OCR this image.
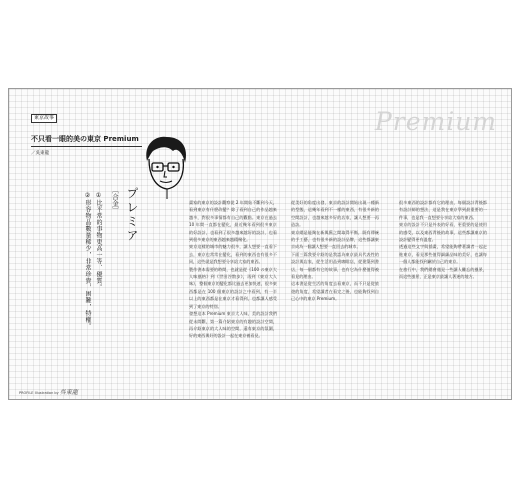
東京故事
不只看一眼的美の東京 Premium
／吳東龍
Premium
プレミア
［合金］
①比平常的事物更高一等、優質。
②形容物品數量稀少，非常珍貴，困難，特權。	畫家的東京的設計觀察從 2 年開始不斷到今天，看到東京有什麼改變？除了看到自己的作品越來越多，對很多事情都有自己的觀點。東京在過去 10 年間一直都在變化，最近幾年看到很多東京的好設計，也看到了很多越來越好的設計，也看到很多東京的東西越來越精緻化。

東京這樣的城市的魅力很多，讓人想要一直看下去，東京也常常在變化，看到的東西也有很多不同，這些就是我想要分享給大家的東西。

製作書本需要的時間，也就是從《100 の東京大人味風格》到《世田谷散步》，再到《東京大人味》，整個東京的變化都比過去更加快速，很多東西都是在 100 個東京的設計之中看到，有一半以上的東西都是在東京才看得到，也都讓人感受到了東京的特別。

發想這本 Premium 東京大人味，美的設計我們從未間斷，第一篇介紹東京的有趣的設計空間，再介紹東京的大人味的空間，還有東京的氛圍，好的東西與好的設計一起在東京被看見。

從美好的角度出發，東京的設計開始出現一種新的型態，這幾年看到不一樣的東西，有很多新的空間設計，也越來越多好的店家，讓人想要一再造訪。

東京總是能夠在新與舊之間取得平衡，既有傳統的手工藝，也有很多新的設計品牌，這些都讓東京成為一個讓人想要一直回去的城市。

下面三篇我要介紹的是我認為東京最具代表性的設計與店家，從生活用品到咖啡店，從建築到書店，每一個都有它的故事，也有它為什麼值得被看見的理由。

這本書是從生活的角度去看東京，而不只是從旅遊的角度，希望讀者在看完之後，也能夠找到自己心中的東京 Premium。

很多東西的設計都有它的理由，每個設計背後都有設計師的想法，這是我在東京學到最重要的一件事，也是我一直想要分享給大家的東西。

東京的設計不只是外表的好看，更重要的是使用的感受，以及東西背後的故事，這些都讓東京的設計變得更有溫度。

透過這些文字與插畫，希望能夠帶著讀者一起走進東京，看見那些值得細細品味的美好，也讓每一個人都能找到屬於自己的東京。

在旅行中，我們總會遇見一些讓人難忘的風景，而這些風景，正是東京最讓人著迷的地方。

PROFILE Illustration by 呉東龍
